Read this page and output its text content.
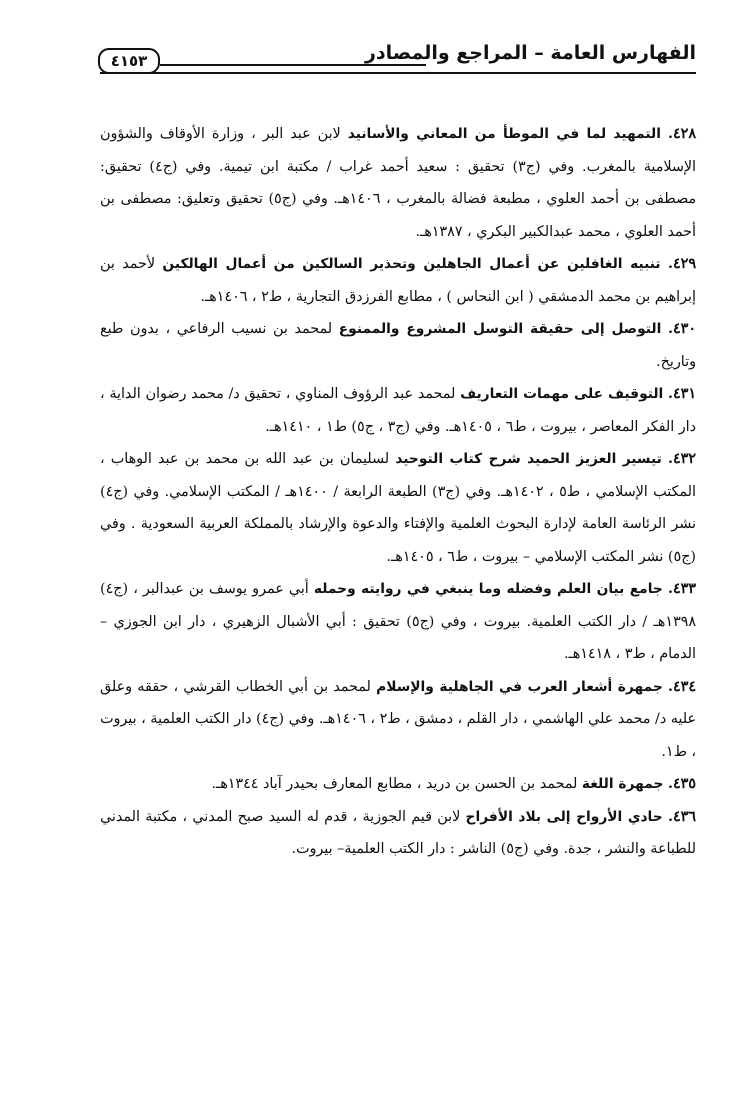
الفهارس العامة – المراجع والمصادر
٤١٥٣

٤٢٨. التمهيد لما في الموطأ من المعاني والأسانيد لابن عبد البر ، وزارة الأوقاف والشؤون الإسلامية بالمغرب. وفي (ج٣) تحقيق : سعيد أحمد غراب / مكتبة ابن تيمية. وفي (ج٤) تحقيق: مصطفى بن أحمد العلوي ، مطبعة فضالة بالمغرب ، ١٤٠٦هـ. وفي (ج٥) تحقيق وتعليق: مصطفى بن أحمد العلوي ، محمد عبدالكبير البكري ، ١٣٨٧هـ.

٤٢٩. تنبيه الغافلين عن أعمال الجاهلين وتحذير السالكين من أعمال الهالكين لأحمد بن إبراهيم بن محمد الدمشقي ( ابن النحاس ) ، مطابع الفرزدق التجارية ، ط٢ ، ١٤٠٦هـ.

٤٣٠. التوصل إلى حقيقة التوسل المشروع والممنوع لمحمد بن نسيب الرفاعي ، بدون طبع وتاريخ.

٤٣١. التوقيف على مهمات التعاريف لمحمد عبد الرؤوف المناوي ، تحقيق د/ محمد رضوان الداية ، دار الفكر المعاصر ، بيروت ، ط٦ ، ١٤٠٥هـ. وفي (ج٣ ، ج٥) ط١ ، ١٤١٠هـ.

٤٣٢. تيسير العزيز الحميد شرح كتاب التوحيد لسليمان بن عبد الله بن محمد بن عبد الوهاب ، المكتب الإسلامي ، ط٥ ، ١٤٠٢هـ. وفي (ج٣) الطبعة الرابعة / ١٤٠٠هـ / المكتب الإسلامي. وفي (ج٤) نشر الرئاسة العامة لإدارة البحوث العلمية والإفتاء والدعوة والإرشاد بالمملكة العربية السعودية . وفي (ج٥) نشر المكتب الإسلامي – بيروت ، ط٦ ، ١٤٠٥هـ.

٤٣٣. جامع بيان العلم وفضله وما ينبغي في روايته وحمله أبي عمرو يوسف بن عبدالبر ، (ج٤) ١٣٩٨هـ / دار الكتب العلمية. بيروت ، وفي (ج٥) تحقيق : أبي الأشبال الزهيري ، دار ابن الجوزي – الدمام ، ط٣ ، ١٤١٨هـ.

٤٣٤. جمهرة أشعار العرب في الجاهلية والإسلام لمحمد بن أبي الخطاب القرشي ، حققه وعلق عليه د/ محمد علي الهاشمي ، دار القلم ، دمشق ، ط٢ ، ١٤٠٦هـ. وفي (ج٤) دار الكتب العلمية ، بيروت ، ط١.

٤٣٥. جمهرة اللغة لمحمد بن الحسن بن دريد ، مطابع المعارف بحيدر آباد ١٣٤٤هـ.

٤٣٦. حادي الأرواح إلى بلاد الأفراح لابن قيم الجوزية ، قدم له السيد صبح المدني ، مكتبة المدني للطباعة والنشر ، جدة. وفي (ج٥) الناشر : دار الكتب العلمية– بيروت.
